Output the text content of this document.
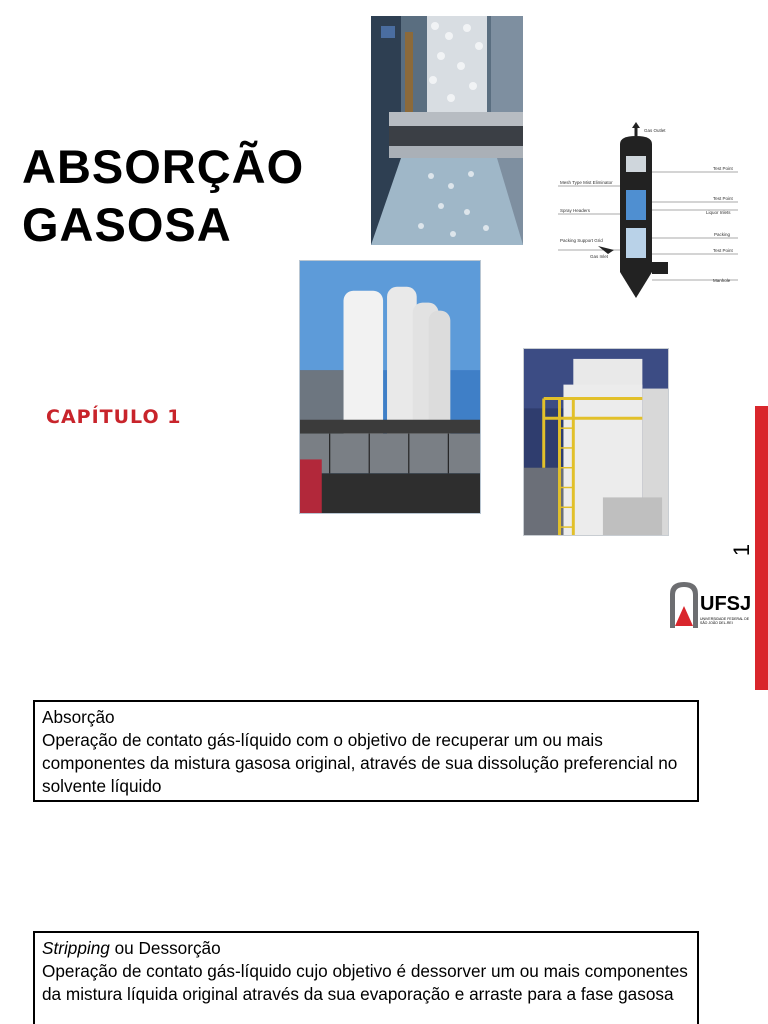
Gas Outlet
Test Point
Mesh Type Mist Eliminator
Test Point
Spray Headers	Liquor Inlets
Packing
Packing Support Grid
Gas Inlet
Test Point
Manhole
ABSORÇÃO
GASOSA
CAPÍTULO 1
1
UFSJ
UNIVERSIDADE FEDERAL DE SÃO JOÃO DEL-REI
Absorção
Operação de contato gás-líquido com o objetivo de recuperar um ou mais componentes da mistura gasosa original, através de sua dissolução preferencial no solvente líquido
Stripping ou Dessorção
Operação de contato gás-líquido cujo objetivo é dessorver um ou mais componentes da mistura líquida original através da sua evaporação e arraste para a fase gasosa
